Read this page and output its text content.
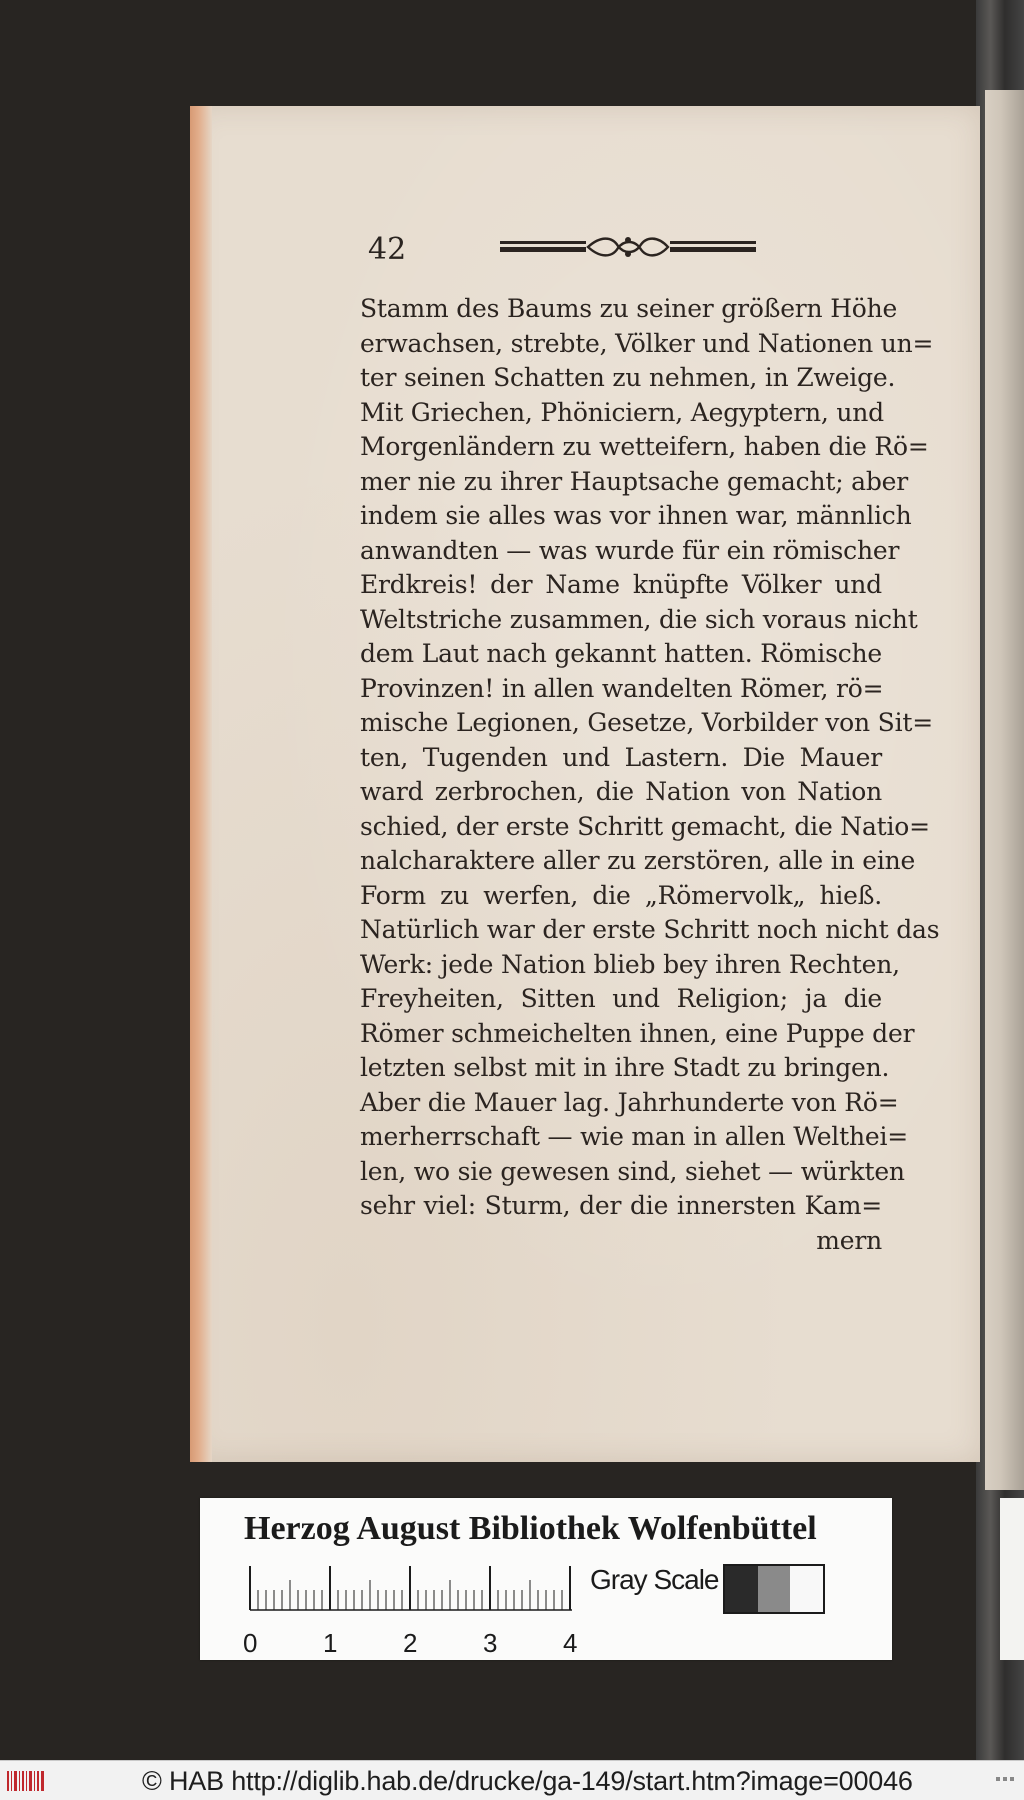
42
Stamm des Baums zu seiner größern Höhe
erwachsen, strebte, Völker und Nationen un=
ter seinen Schatten zu nehmen, in Zweige.
Mit Griechen, Phöniciern, Aegyptern, und
Morgenländern zu wetteifern, haben die Rö=
mer nie zu ihrer Hauptsache gemacht; aber
indem sie alles was vor ihnen war, männlich
anwandten — was wurde für ein römischer
Erdkreis! der Name knüpfte Völker und
Weltstriche zusammen, die sich voraus nicht
dem Laut nach gekannt hatten. Römische
Provinzen! in allen wandelten Römer, rö=
mische Legionen, Gesetze, Vorbilder von Sit=
ten, Tugenden und Lastern. Die Mauer
ward zerbrochen, die Nation von Nation
schied, der erste Schritt gemacht, die Natio=
nalcharaktere aller zu zerstören, alle in eine
Form zu werfen, die „Römervolk„ hieß.
Natürlich war der erste Schritt noch nicht das
Werk: jede Nation blieb bey ihren Rechten,
Freyheiten, Sitten und Religion; ja die
Römer schmeichelten ihnen, eine Puppe der
letzten selbst mit in ihre Stadt zu bringen.
Aber die Mauer lag. Jahrhunderte von Rö=
merherrschaft — wie man in allen Welthei=
len, wo sie gewesen sind, siehet — würkten
sehr viel: Sturm, der die innersten Kam=
mern
Herzog August Bibliothek Wolfenbüttel
0	1	2	3	4
Gray Scale
© HAB http://diglib.hab.de/drucke/ga-149/start.htm?image=00046
